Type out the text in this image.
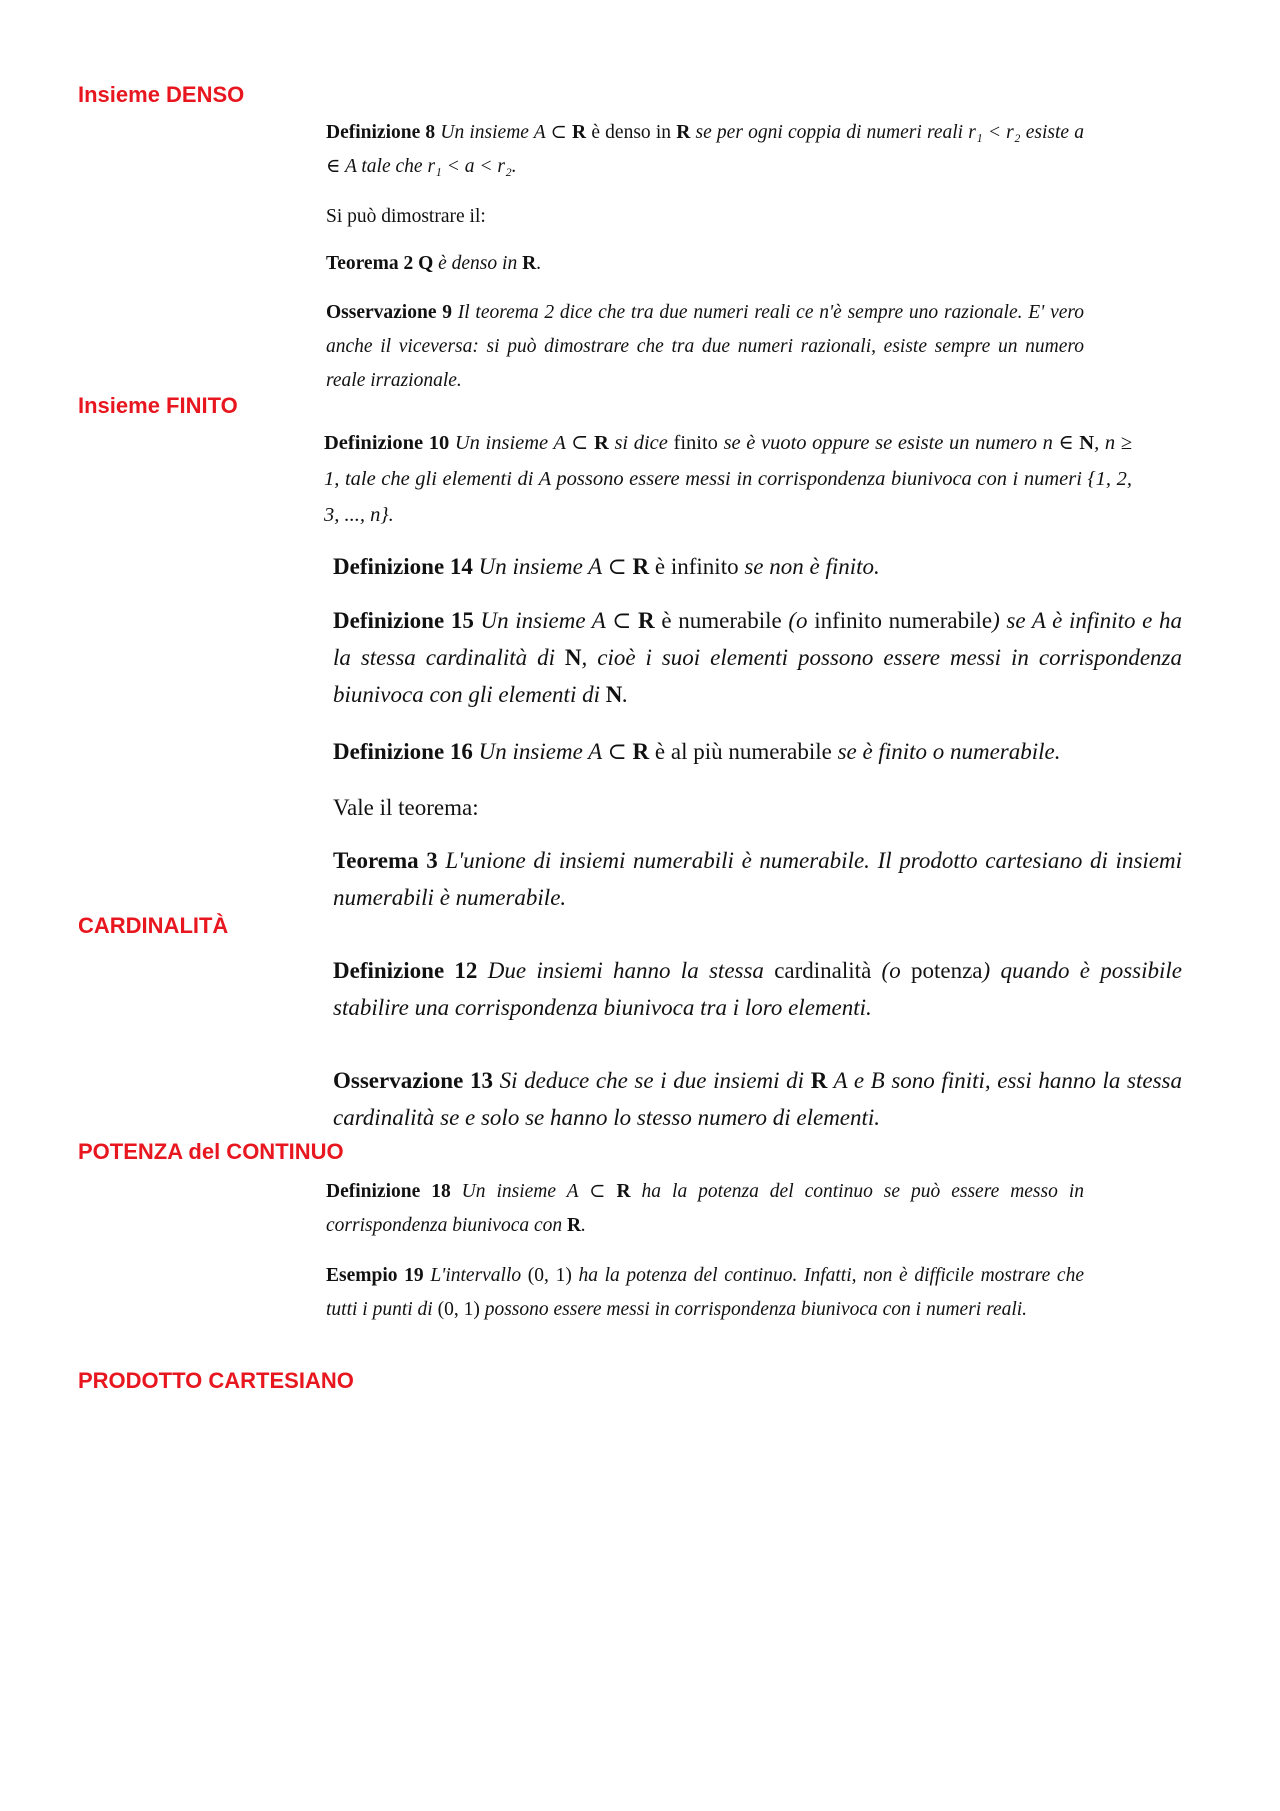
Insieme DENSO
Definizione 8 Un insieme A ⊂ R è denso in R se per ogni coppia di numeri reali r₁ < r₂ esiste a ∈ A tale che r₁ < a < r₂.
Si può dimostrare il:
Teorema 2 Q è denso in R.
Osservazione 9 Il teorema 2 dice che tra due numeri reali ce n'è sempre uno razionale. E' vero anche il viceversa: si può dimostrare che tra due numeri razionali, esiste sempre un numero reale irrazionale.
Insieme FINITO
Definizione 10 Un insieme A ⊂ R si dice finito se è vuoto oppure se esiste un numero n ∈ N, n ≥ 1, tale che gli elementi di A possono essere messi in corrispondenza biunivoca con i numeri {1, 2, 3, ..., n}.
Definizione 14 Un insieme A ⊂ R è infinito se non è finito.
Definizione 15 Un insieme A ⊂ R è numerabile (o infinito numerabile) se A è infinito e ha la stessa cardinalità di N, cioè i suoi elementi possono essere messi in corrispondenza biunivoca con gli elementi di N.
Definizione 16 Un insieme A ⊂ R è al più numerabile se è finito o numerabile.
Vale il teorema:
Teorema 3 L'unione di insiemi numerabili è numerabile. Il prodotto cartesiano di insiemi numerabili è numerabile.
CARDINALITÀ
Definizione 12 Due insiemi hanno la stessa cardinalità (o potenza) quando è possibile stabilire una corrispondenza biunivoca tra i loro elementi.
Osservazione 13 Si deduce che se i due insiemi di R A e B sono finiti, essi hanno la stessa cardinalità se e solo se hanno lo stesso numero di elementi.
POTENZA del CONTINUO
Definizione 18 Un insieme A ⊂ R ha la potenza del continuo se può essere messo in corrispondenza biunivoca con R.
Esempio 19 L'intervallo (0, 1) ha la potenza del continuo. Infatti, non è difficile mostrare che tutti i punti di (0, 1) possono essere messi in corrispondenza biunivoca con i numeri reali.
PRODOTTO CARTESIANO
